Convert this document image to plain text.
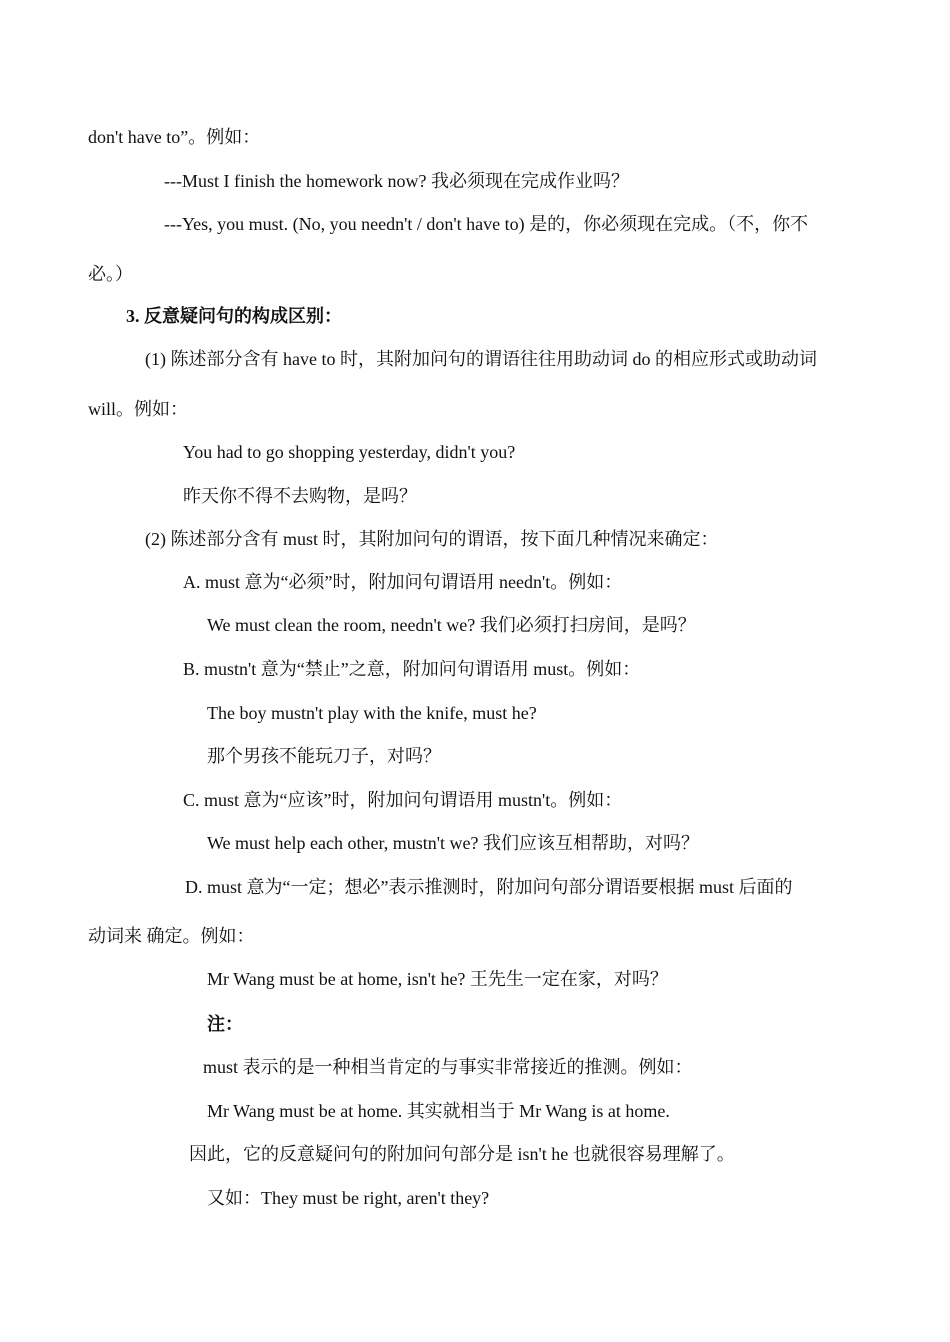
don't have to”。例如：
---Must I finish the homework now? 我必须现在完成作业吗？
---Yes, you must. (No, you needn't / don't have to) 是的，你必须现在完成。（不，你不
必。）
3. 反意疑问句的构成区别：
(1) 陈述部分含有 have to 时，其附加问句的谓语往往用助动词 do 的相应形式或助动词
will。例如：
You had to go shopping yesterday, didn't you?
昨天你不得不去购物，是吗？
(2) 陈述部分含有 must 时，其附加问句的谓语，按下面几种情况来确定：
A. must 意为“必须”时，附加问句谓语用 needn't。例如：
We must clean the room, needn't we? 我们必须打扫房间，是吗？
B. mustn't 意为“禁止”之意，附加问句谓语用 must。例如：
The boy mustn't play with the knife, must he?
那个男孩不能玩刀子，对吗？
C. must 意为“应该”时，附加问句谓语用 mustn't。例如：
We must help each other, mustn't we? 我们应该互相帮助，对吗？
D. must 意为“一定；想必”表示推测时，附加问句部分谓语要根据 must 后面的
动词来 确定。例如：
Mr Wang must be at home, isn't he? 王先生一定在家，对吗？
注：
must 表示的是一种相当肯定的与事实非常接近的推测。例如：
Mr Wang must be at home. 其实就相当于 Mr Wang is at home.
因此，它的反意疑问句的附加问句部分是 isn't he 也就很容易理解了。
又如：They must be right, aren't they?
